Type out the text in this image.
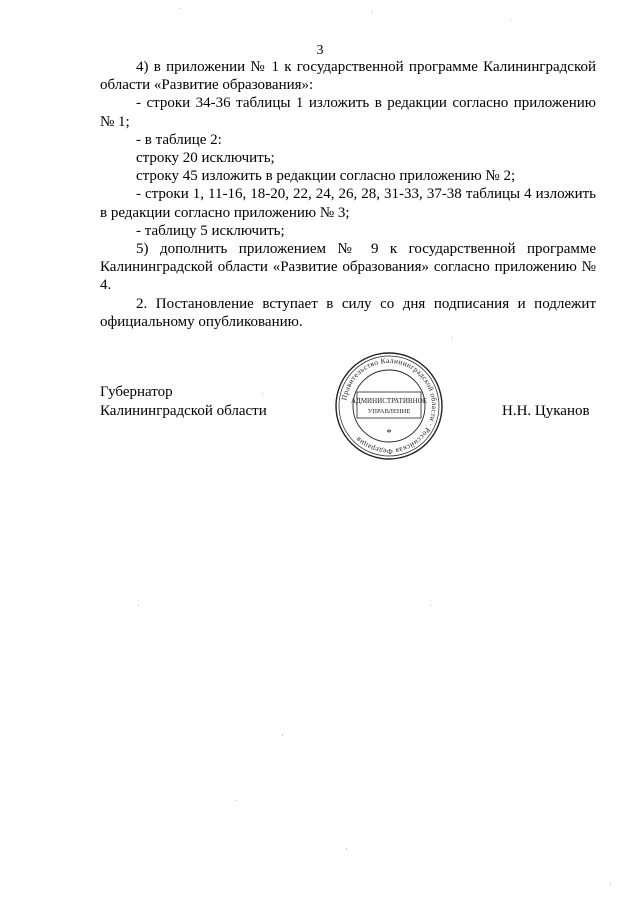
3

4) в приложении № 1 к государственной программе Калининградской области «Развитие образования»:

- строки 34-36 таблицы 1 изложить в редакции согласно приложению № 1;

- в таблице 2:

строку 20 исключить;

строку 45 изложить в редакции согласно приложению № 2;

- строки 1, 11-16, 18-20, 22, 24, 26, 28, 31-33, 37-38 таблицы 4 изложить в редакции согласно приложению № 3;

- таблицу 5 исключить;

5) дополнить приложением № 9 к государственной программе Калининградской области «Развитие образования» согласно приложению № 4.

2. Постановление вступает в силу со дня подписания и подлежит официальному опубликованию.

Губернатор
Калининградской области	Н.Н. Цуканов
Правительство Калининградской области · Российская Федерация
АДМИНИСТРАТИВНОЕ
УПРАВЛЕНИЕ
*
